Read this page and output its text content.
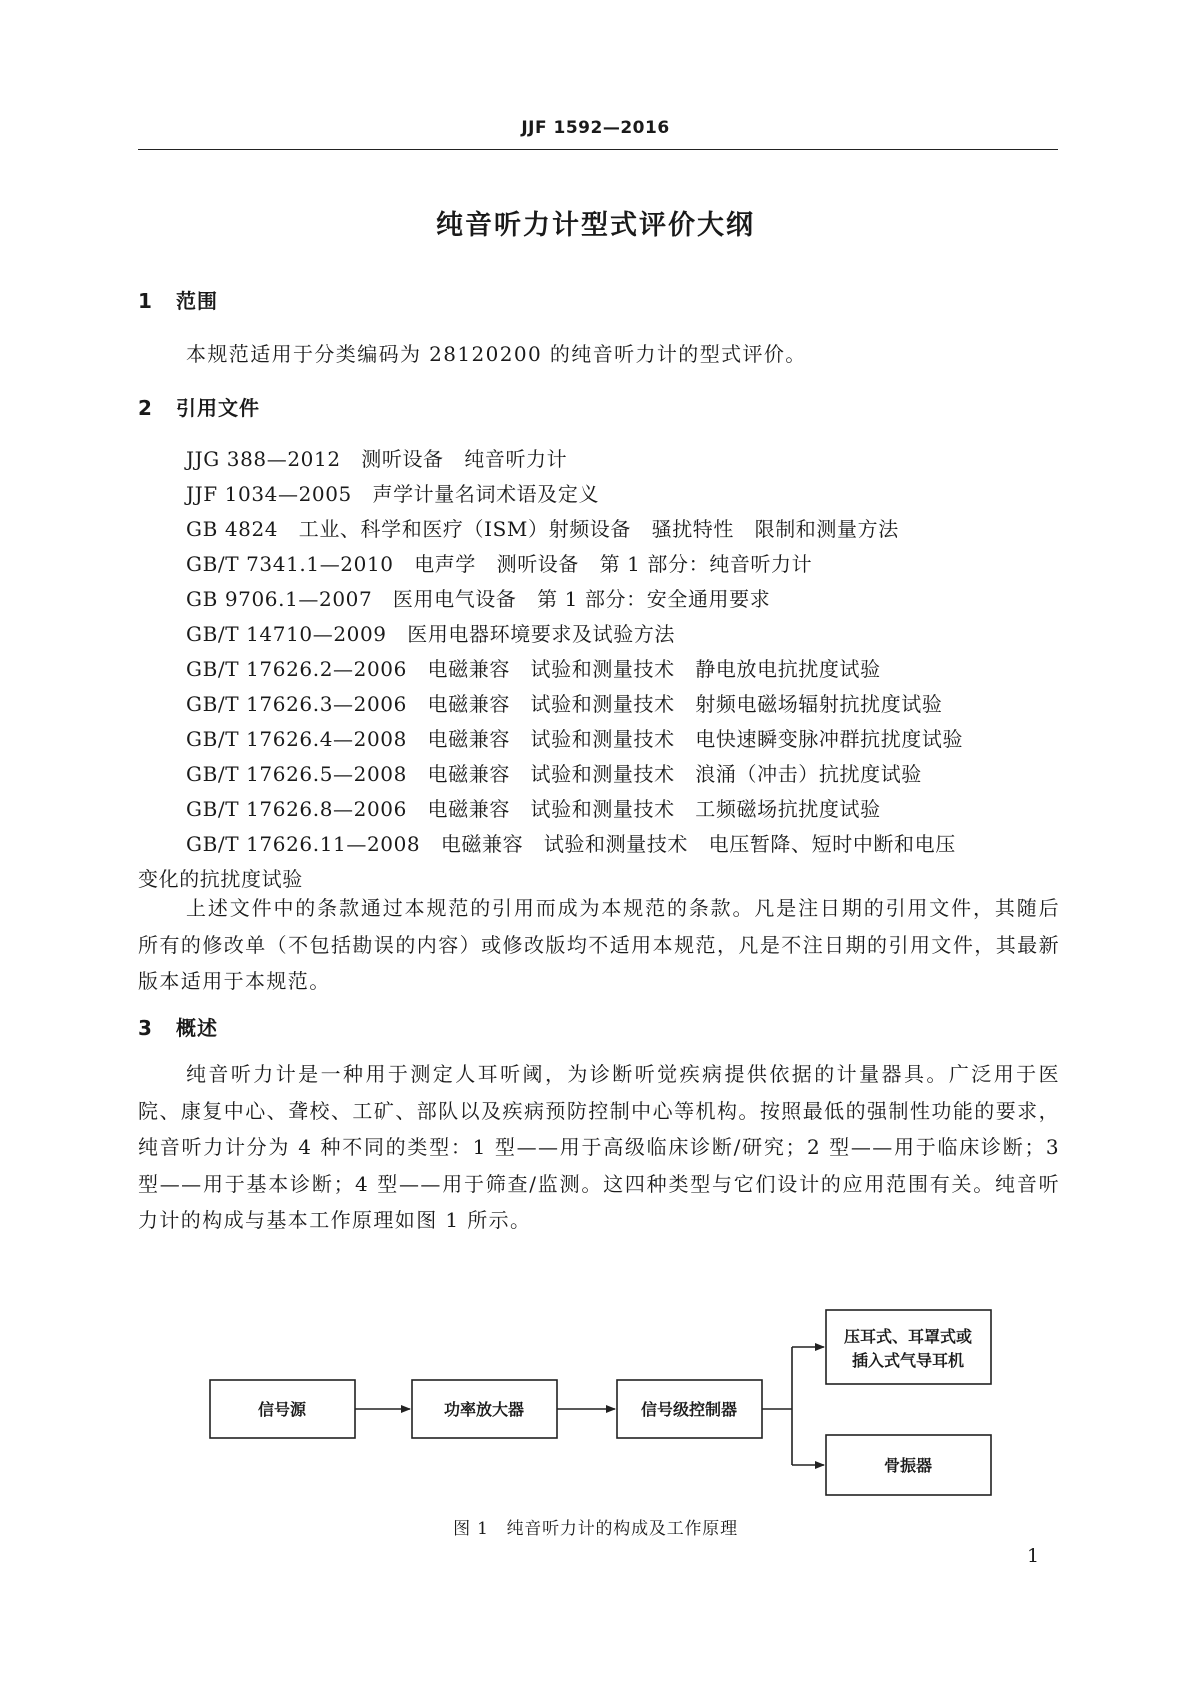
JJF 1592—2016
纯音听力计型式评价大纲
1 范围
本规范适用于分类编码为 28120200 的纯音听力计的型式评价。
2 引用文件
JJG 388—2012　测听设备　纯音听力计
JJF 1034—2005　声学计量名词术语及定义
GB 4824　工业、科学和医疗（ISM）射频设备　骚扰特性　限制和测量方法
GB/T 7341.1—2010　电声学　测听设备　第 1 部分：纯音听力计
GB 9706.1—2007　医用电气设备　第 1 部分：安全通用要求
GB/T 14710—2009　医用电器环境要求及试验方法
GB/T 17626.2—2006　电磁兼容　试验和测量技术　静电放电抗扰度试验
GB/T 17626.3—2006　电磁兼容　试验和测量技术　射频电磁场辐射抗扰度试验
GB/T 17626.4—2008　电磁兼容　试验和测量技术　电快速瞬变脉冲群抗扰度试验
GB/T 17626.5—2008　电磁兼容　试验和测量技术　浪涌（冲击）抗扰度试验
GB/T 17626.8—2006　电磁兼容　试验和测量技术　工频磁场抗扰度试验
GB/T 17626.11—2008　电磁兼容　试验和测量技术　电压暂降、短时中断和电压
变化的抗扰度试验
上述文件中的条款通过本规范的引用而成为本规范的条款。凡是注日期的引用文件，其随后所有的修改单（不包括勘误的内容）或修改版均不适用本规范，凡是不注日期的引用文件，其最新版本适用于本规范。
3 概述
纯音听力计是一种用于测定人耳听阈，为诊断听觉疾病提供依据的计量器具。广泛用于医院、康复中心、聋校、工矿、部队以及疾病预防控制中心等机构。按照最低的强制性功能的要求，纯音听力计分为 4 种不同的类型：1 型——用于高级临床诊断/研究；2 型——用于临床诊断；3 型——用于基本诊断；4 型——用于筛查/监测。这四种类型与它们设计的应用范围有关。纯音听力计的构成与基本工作原理如图 1 所示。
信号源	功率放大器	信号级控制器
压耳式、耳罩式或
插入式气导耳机
骨振器
图 1　纯音听力计的构成及工作原理
1
